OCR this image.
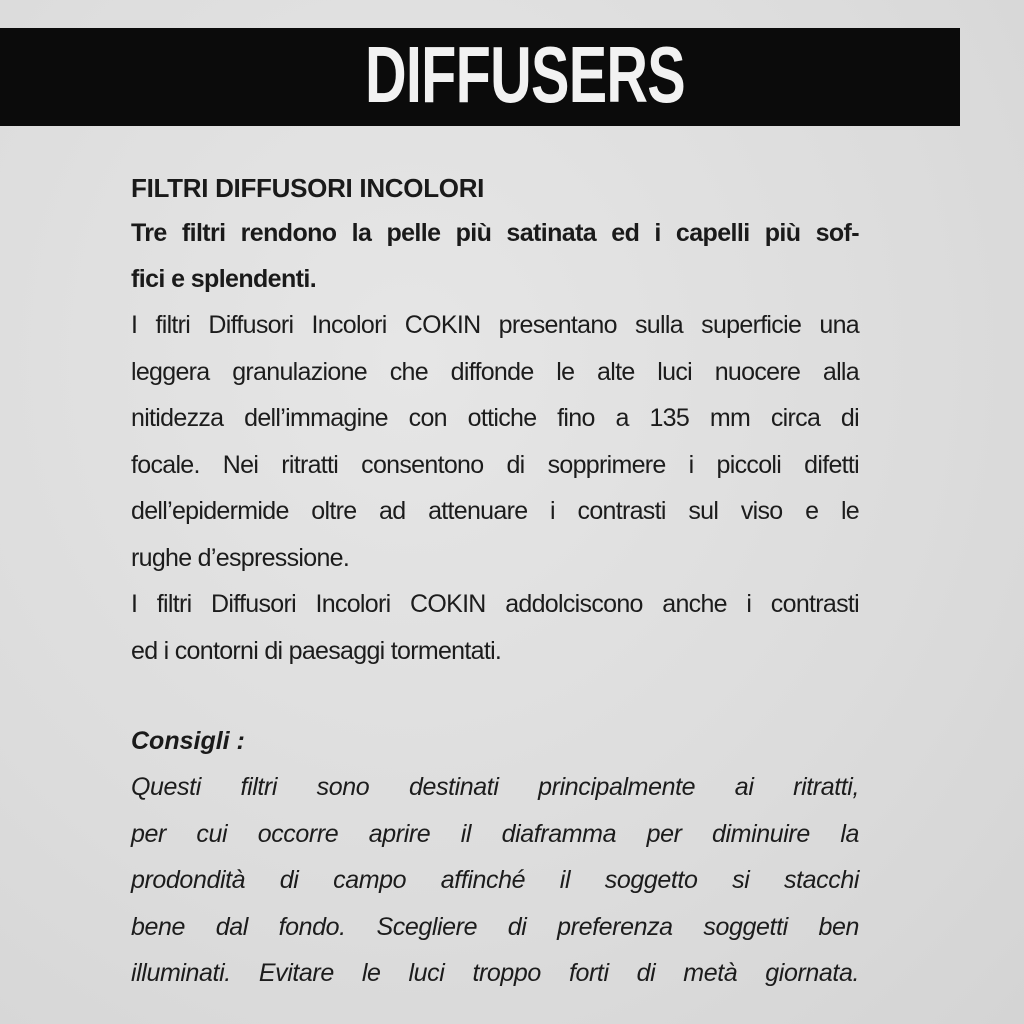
DIFFUSERS
FILTRI DIFFUSORI INCOLORI
Tre filtri rendono la pelle più satinata ed i capelli più sof-
fici e splendenti.
I filtri Diffusori Incolori COKIN presentano sulla superficie una
leggera granulazione che diffonde le alte luci nuocere alla
nitidezza dell’immagine con ottiche fino a 135 mm circa di
focale. Nei ritratti consentono di sopprimere i piccoli difetti
dell’epidermide oltre ad attenuare i contrasti sul viso e le
rughe d’espressione.
I filtri Diffusori Incolori COKIN addolciscono anche i contrasti
ed i contorni di paesaggi tormentati.
Consigli :
Questi filtri sono destinati principalmente ai ritratti,
per cui occorre aprire il diaframma per diminuire la
prodondità di campo affinché il soggetto si stacchi
bene dal fondo. Scegliere di preferenza soggetti ben
illuminati. Evitare le luci troppo forti di metà giornata.
